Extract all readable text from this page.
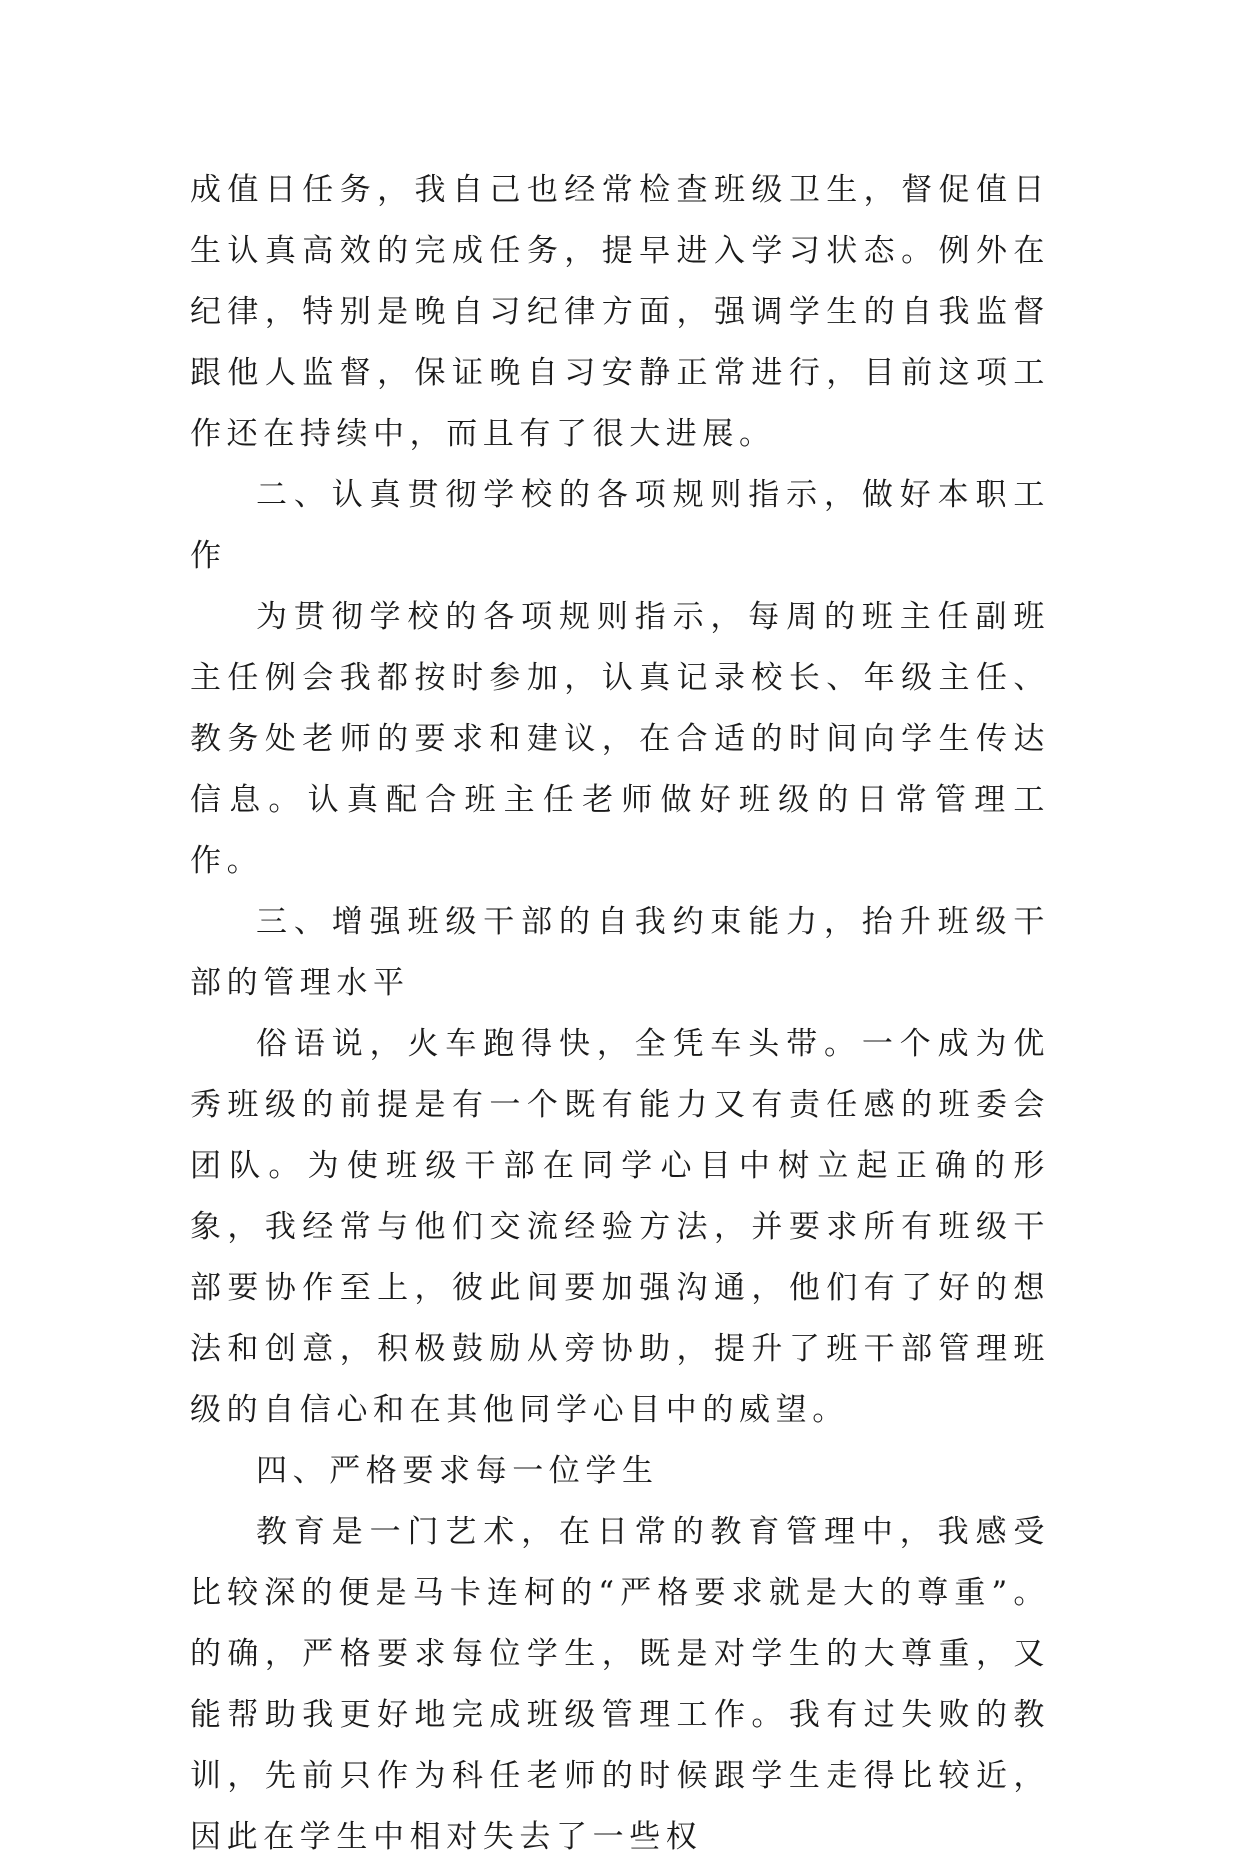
成值日任务，我自己也经常检查班级卫生，督促值日生认真高效的完成任务，提早进入学习状态。例外在纪律，特别是晚自习纪律方面，强调学生的自我监督跟他人监督，保证晚自习安静正常进行，目前这项工作还在持续中，而且有了很大进展。

二、认真贯彻学校的各项规则指示，做好本职工作

为贯彻学校的各项规则指示，每周的班主任副班主任例会我都按时参加，认真记录校长、年级主任、教务处老师的要求和建议，在合适的时间向学生传达信息。认真配合班主任老师做好班级的日常管理工作。

三、增强班级干部的自我约束能力，抬升班级干部的管理水平

俗语说，火车跑得快，全凭车头带。一个成为优秀班级的前提是有一个既有能力又有责任感的班委会团队。为使班级干部在同学心目中树立起正确的形象，我经常与他们交流经验方法，并要求所有班级干部要协作至上，彼此间要加强沟通，他们有了好的想法和创意，积极鼓励从旁协助，提升了班干部管理班级的自信心和在其他同学心目中的威望。

四、严格要求每一位学生

教育是一门艺术，在日常的教育管理中，我感受比较深的便是马卡连柯的“严格要求就是大的尊重”。的确，严格要求每位学生，既是对学生的大尊重，又能帮助我更好地完成班级管理工作。我有过失败的教训，先前只作为科任老师的时候跟学生走得比较近，因此在学生中相对失去了一些权
